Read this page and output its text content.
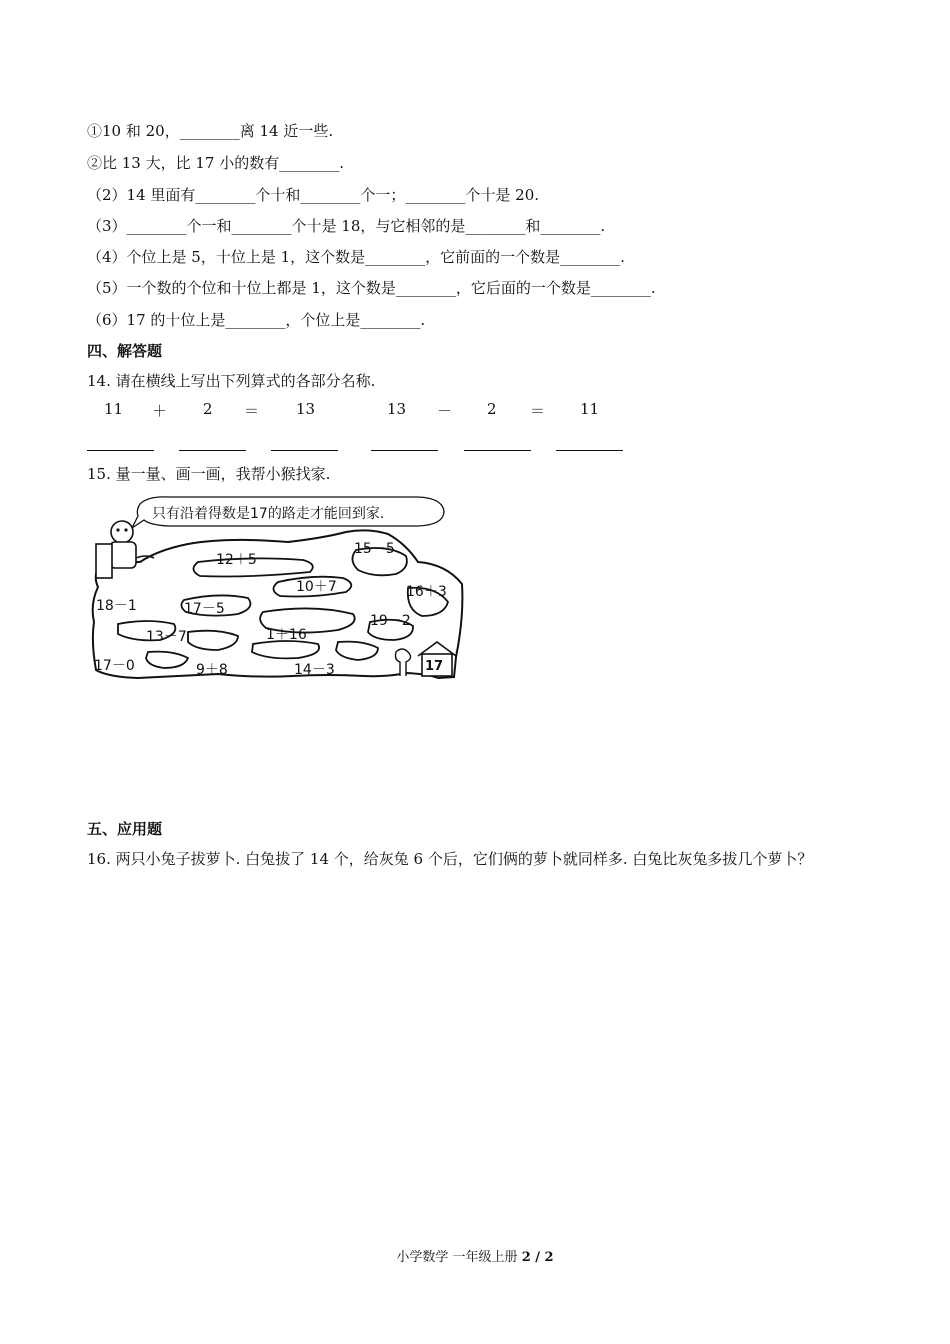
①10 和 20，________离 14 近一些.
②比 13 大，比 17 小的数有________.
（2）14 里面有________个十和________个一；________个十是 20.
（3）________个一和________个十是 18，与它相邻的是________和________.
（4）个位上是 5，十位上是 1，这个数是________，它前面的一个数是________.
（5）一个数的个位和十位上都是 1，这个数是________，它后面的一个数是________.
（6）17 的十位上是________，个位上是________.
四、解答题
14. 请在横线上写出下列算式的各部分名称.
11 ＋ 2 ＝ 13	13 － 2 ＝ 11
15. 量一量、画一画，我帮小猴找家.
只有沿着得数是17的路走才能回到家.
17
12＋5
15－5
10＋7	16＋3
18－1	17－5
19－2
13－7	1＋16
17－0	9＋8	14－3
五、应用题
16. 两只小兔子拔萝卜. 白兔拔了 14 个，给灰兔 6 个后，它们俩的萝卜就同样多. 白兔比灰兔多拔几个萝卜？
小学数学 一年级上册 2 / 2
